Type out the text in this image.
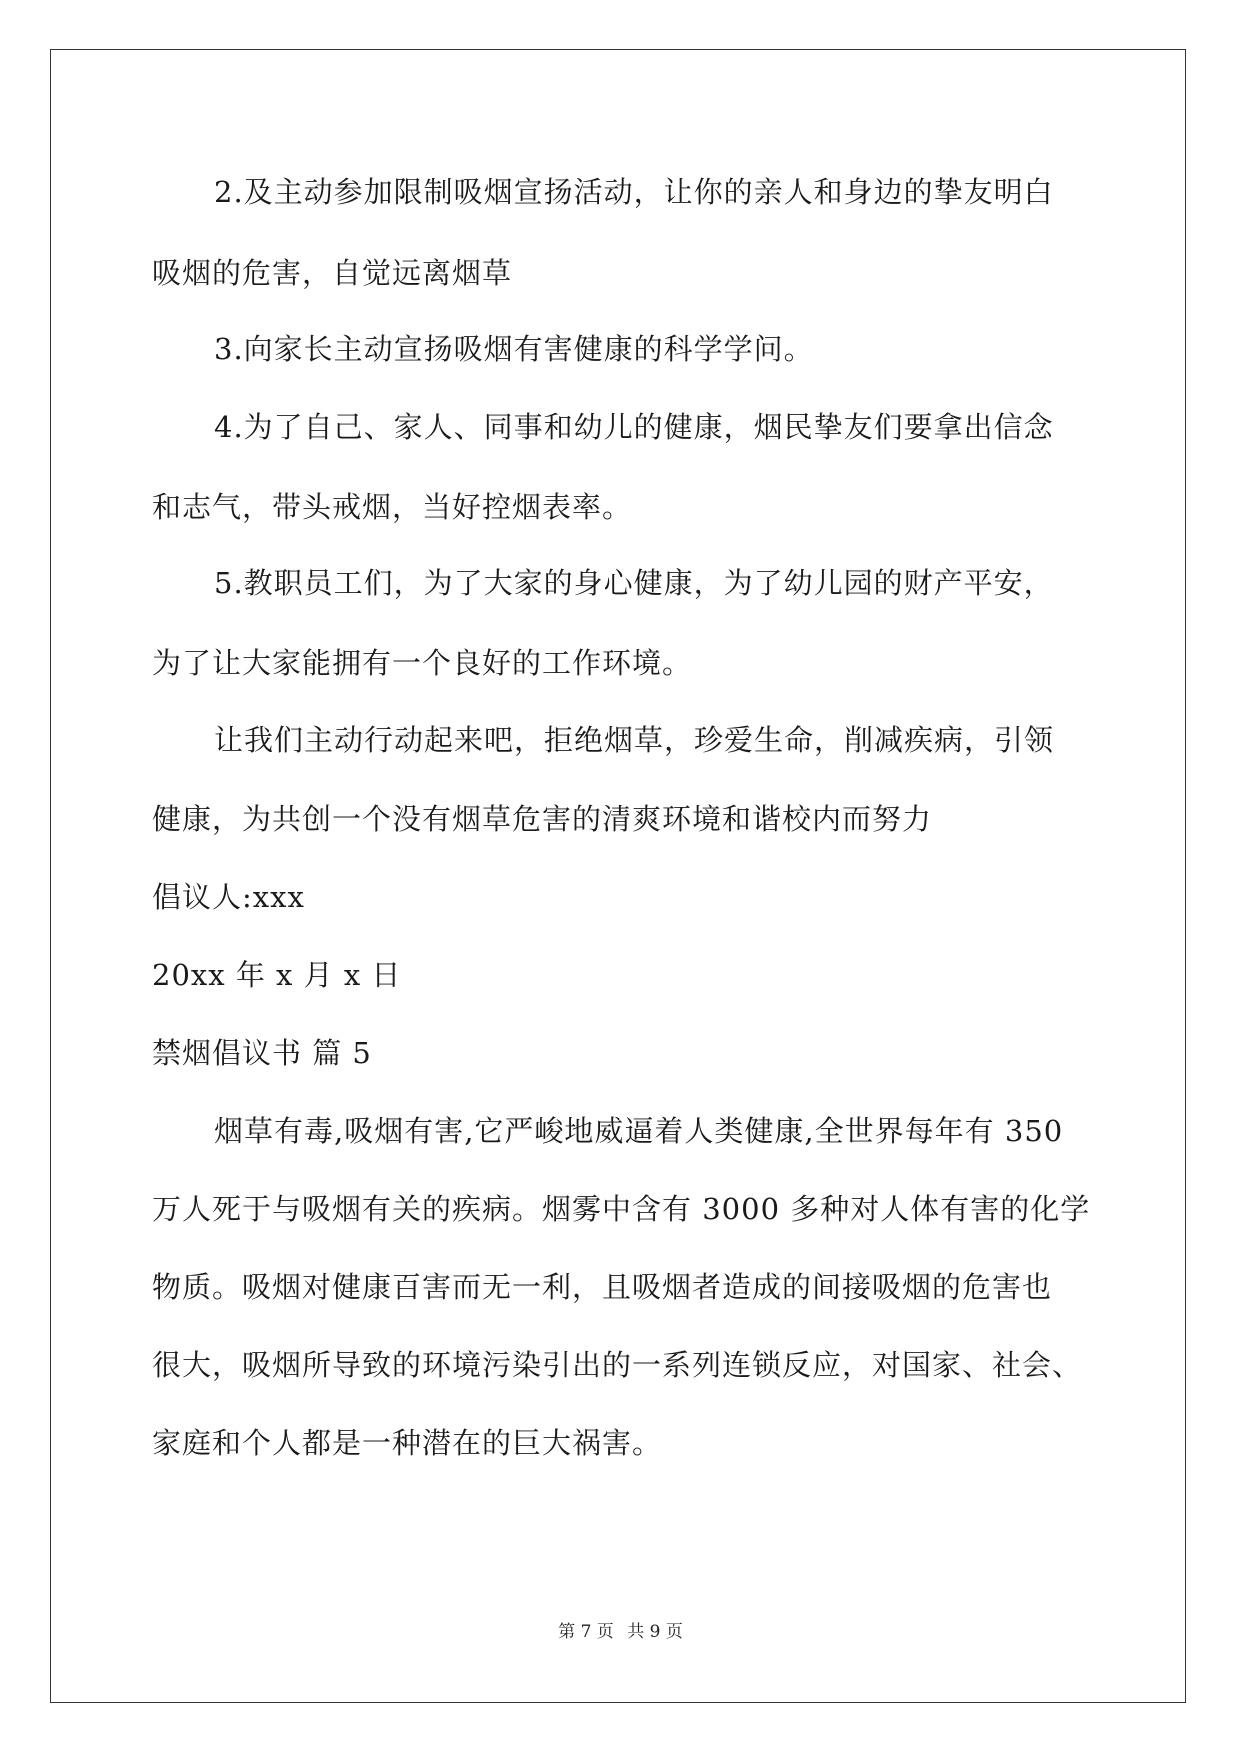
2.及主动参加限制吸烟宣扬活动，让你的亲人和身边的挚友明白
吸烟的危害，自觉远离烟草
3.向家长主动宣扬吸烟有害健康的科学学问。
4.为了自己、家人、同事和幼儿的健康，烟民挚友们要拿出信念
和志气，带头戒烟，当好控烟表率。
5.教职员工们，为了大家的身心健康，为了幼儿园的财产平安，
为了让大家能拥有一个良好的工作环境。
让我们主动行动起来吧，拒绝烟草，珍爱生命，削减疾病，引领
健康，为共创一个没有烟草危害的清爽环境和谐校内而努力
倡议人:xxx
20xx 年 x 月 x 日
禁烟倡议书 篇 5
烟草有毒,吸烟有害,它严峻地威逼着人类健康,全世界每年有 350
万人死于与吸烟有关的疾病。烟雾中含有 3000 多种对人体有害的化学
物质。吸烟对健康百害而无一利，且吸烟者造成的间接吸烟的危害也
很大，吸烟所导致的环境污染引出的一系列连锁反应，对国家、社会、
家庭和个人都是一种潜在的巨大祸害。
第 7 页 共 9 页
